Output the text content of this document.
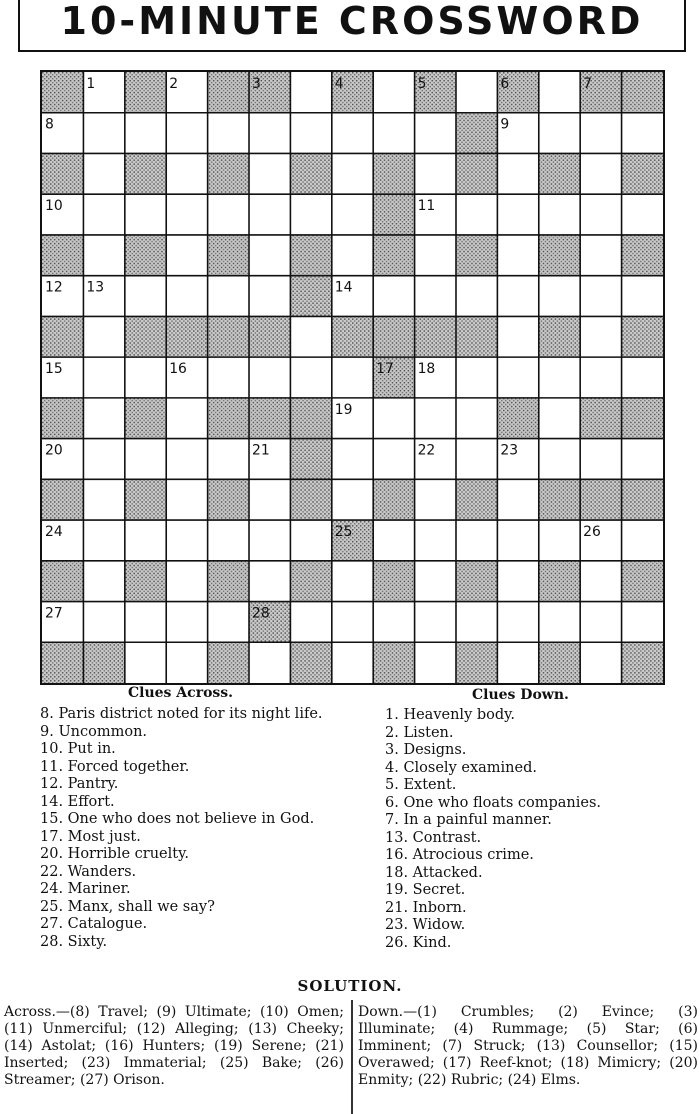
10-MINUTE CROSSWORD
1	2	3	4	5	6	7
8	9
10	11
12 13	14
15	16	17 18
19
20	21	22	23
24	25	26
27	28
Clues Across.	Clues Down.
8. Paris district noted for its night life.
9. Uncommon.
10. Put in.
11. Forced together.
12. Pantry.
14. Effort.
15. One who does not believe in God.
17. Most just.
20. Horrible cruelty.
22. Wanders.
24. Mariner.
25. Manx, shall we say?
27. Catalogue.
28. Sixty.
1. Heavenly body.
2. Listen.
3. Designs.
4. Closely examined.
5. Extent.
6. One who floats companies.
7. In a painful manner.
13. Contrast.
16. Atrocious crime.
18. Attacked.
19. Secret.
21. Inborn.
23. Widow.
26. Kind.
SOLUTION.

Across.—(8) Travel; (9) Ultimate; (10) Omen; (11) Unmerciful; (12) Alleging; (13) Cheeky; (14) Astolat; (16) Hunters; (19) Serene; (21) Inserted; (23) Immaterial; (25) Bake; (26) Streamer; (27) Orison.

Down.—(1) Crumbles; (2) Evince; (3) Illuminate; (4) Rummage; (5) Star; (6) Imminent; (7) Struck; (13) Counsellor; (15) Overawed; (17) Reef-knot; (18) Mimicry; (20) Enmity; (22) Rubric; (24) Elms.
